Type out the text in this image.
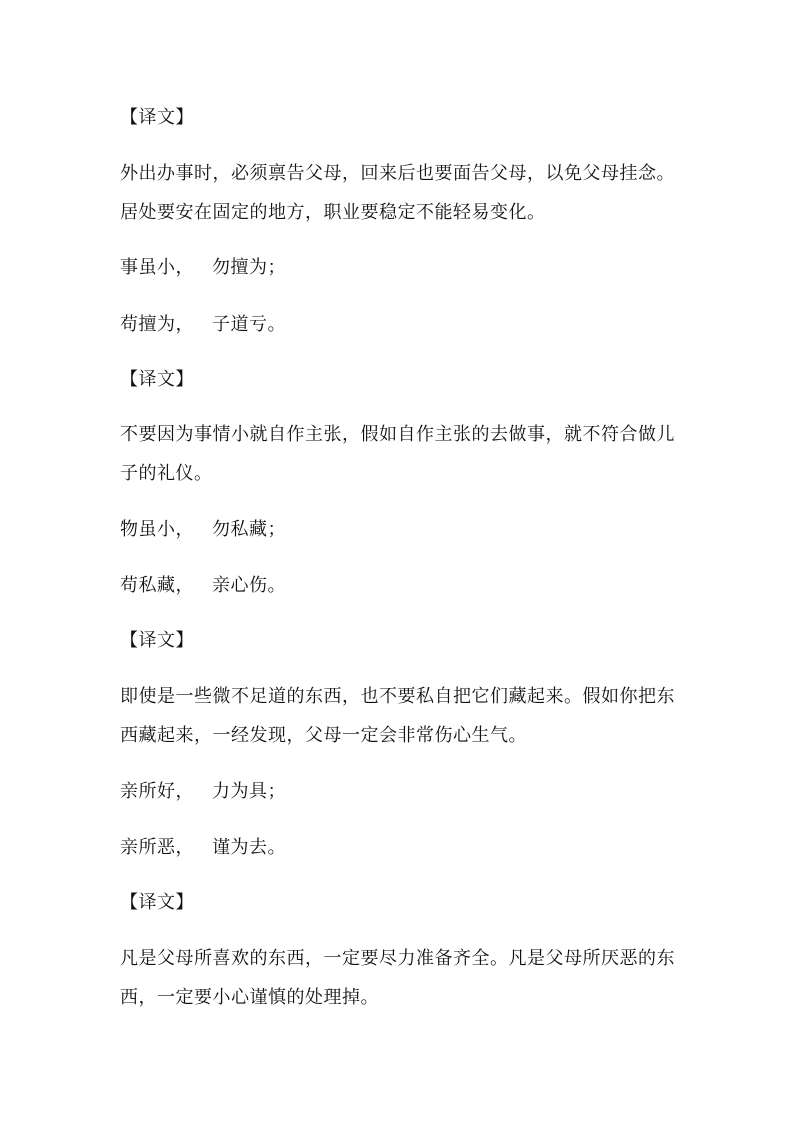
【译文】
外出办事时，必须禀告父母，回来后也要面告父母，以免父母挂念。
居处要安在固定的地方，职业要稳定不能轻易变化。
事虽小， 勿擅为；
苟擅为， 子道亏。
【译文】
不要因为事情小就自作主张，假如自作主张的去做事，就不符合做儿
子的礼仪。
物虽小， 勿私藏；
苟私藏， 亲心伤。
【译文】
即使是一些微不足道的东西，也不要私自把它们藏起来。假如你把东
西藏起来，一经发现，父母一定会非常伤心生气。
亲所好， 力为具；
亲所恶， 谨为去。
【译文】
凡是父母所喜欢的东西，一定要尽力准备齐全。凡是父母所厌恶的东
西，一定要小心谨慎的处理掉。
